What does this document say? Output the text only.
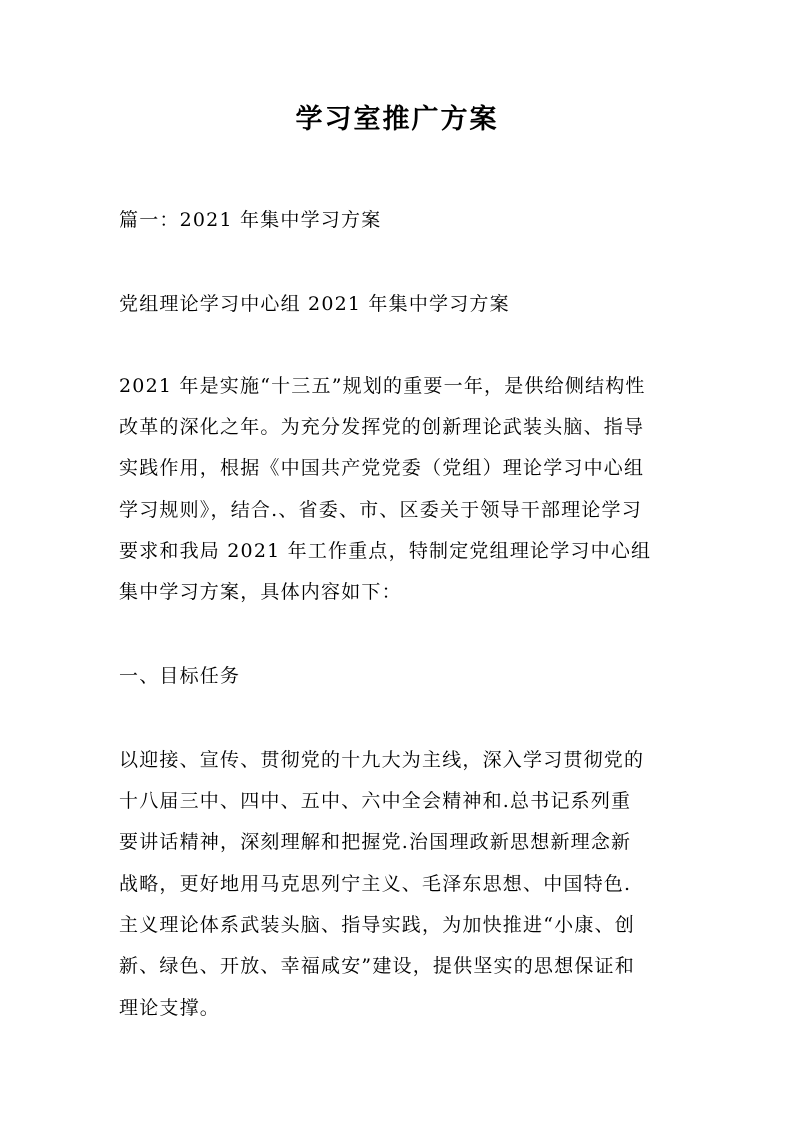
学习室推广方案
篇一：2021 年集中学习方案
党组理论学习中心组 2021 年集中学习方案
2021 年是实施“十三五”规划的重要一年，是供给侧结构性
改革的深化之年。为充分发挥党的创新理论武装头脑、指导
实践作用，根据《中国共产党党委（党组）理论学习中心组
学习规则》，结合.、省委、市、区委关于领导干部理论学习
要求和我局 2021 年工作重点，特制定党组理论学习中心组
集中学习方案，具体内容如下：
一、目标任务
以迎接、宣传、贯彻党的十九大为主线，深入学习贯彻党的
十八届三中、四中、五中、六中全会精神和.总书记系列重
要讲话精神，深刻理解和把握党.治国理政新思想新理念新
战略，更好地用马克思列宁主义、毛泽东思想、中国特色.
主义理论体系武装头脑、指导实践，为加快推进“小康、创
新、绿色、开放、幸福咸安”建设，提供坚实的思想保证和
理论支撑。
